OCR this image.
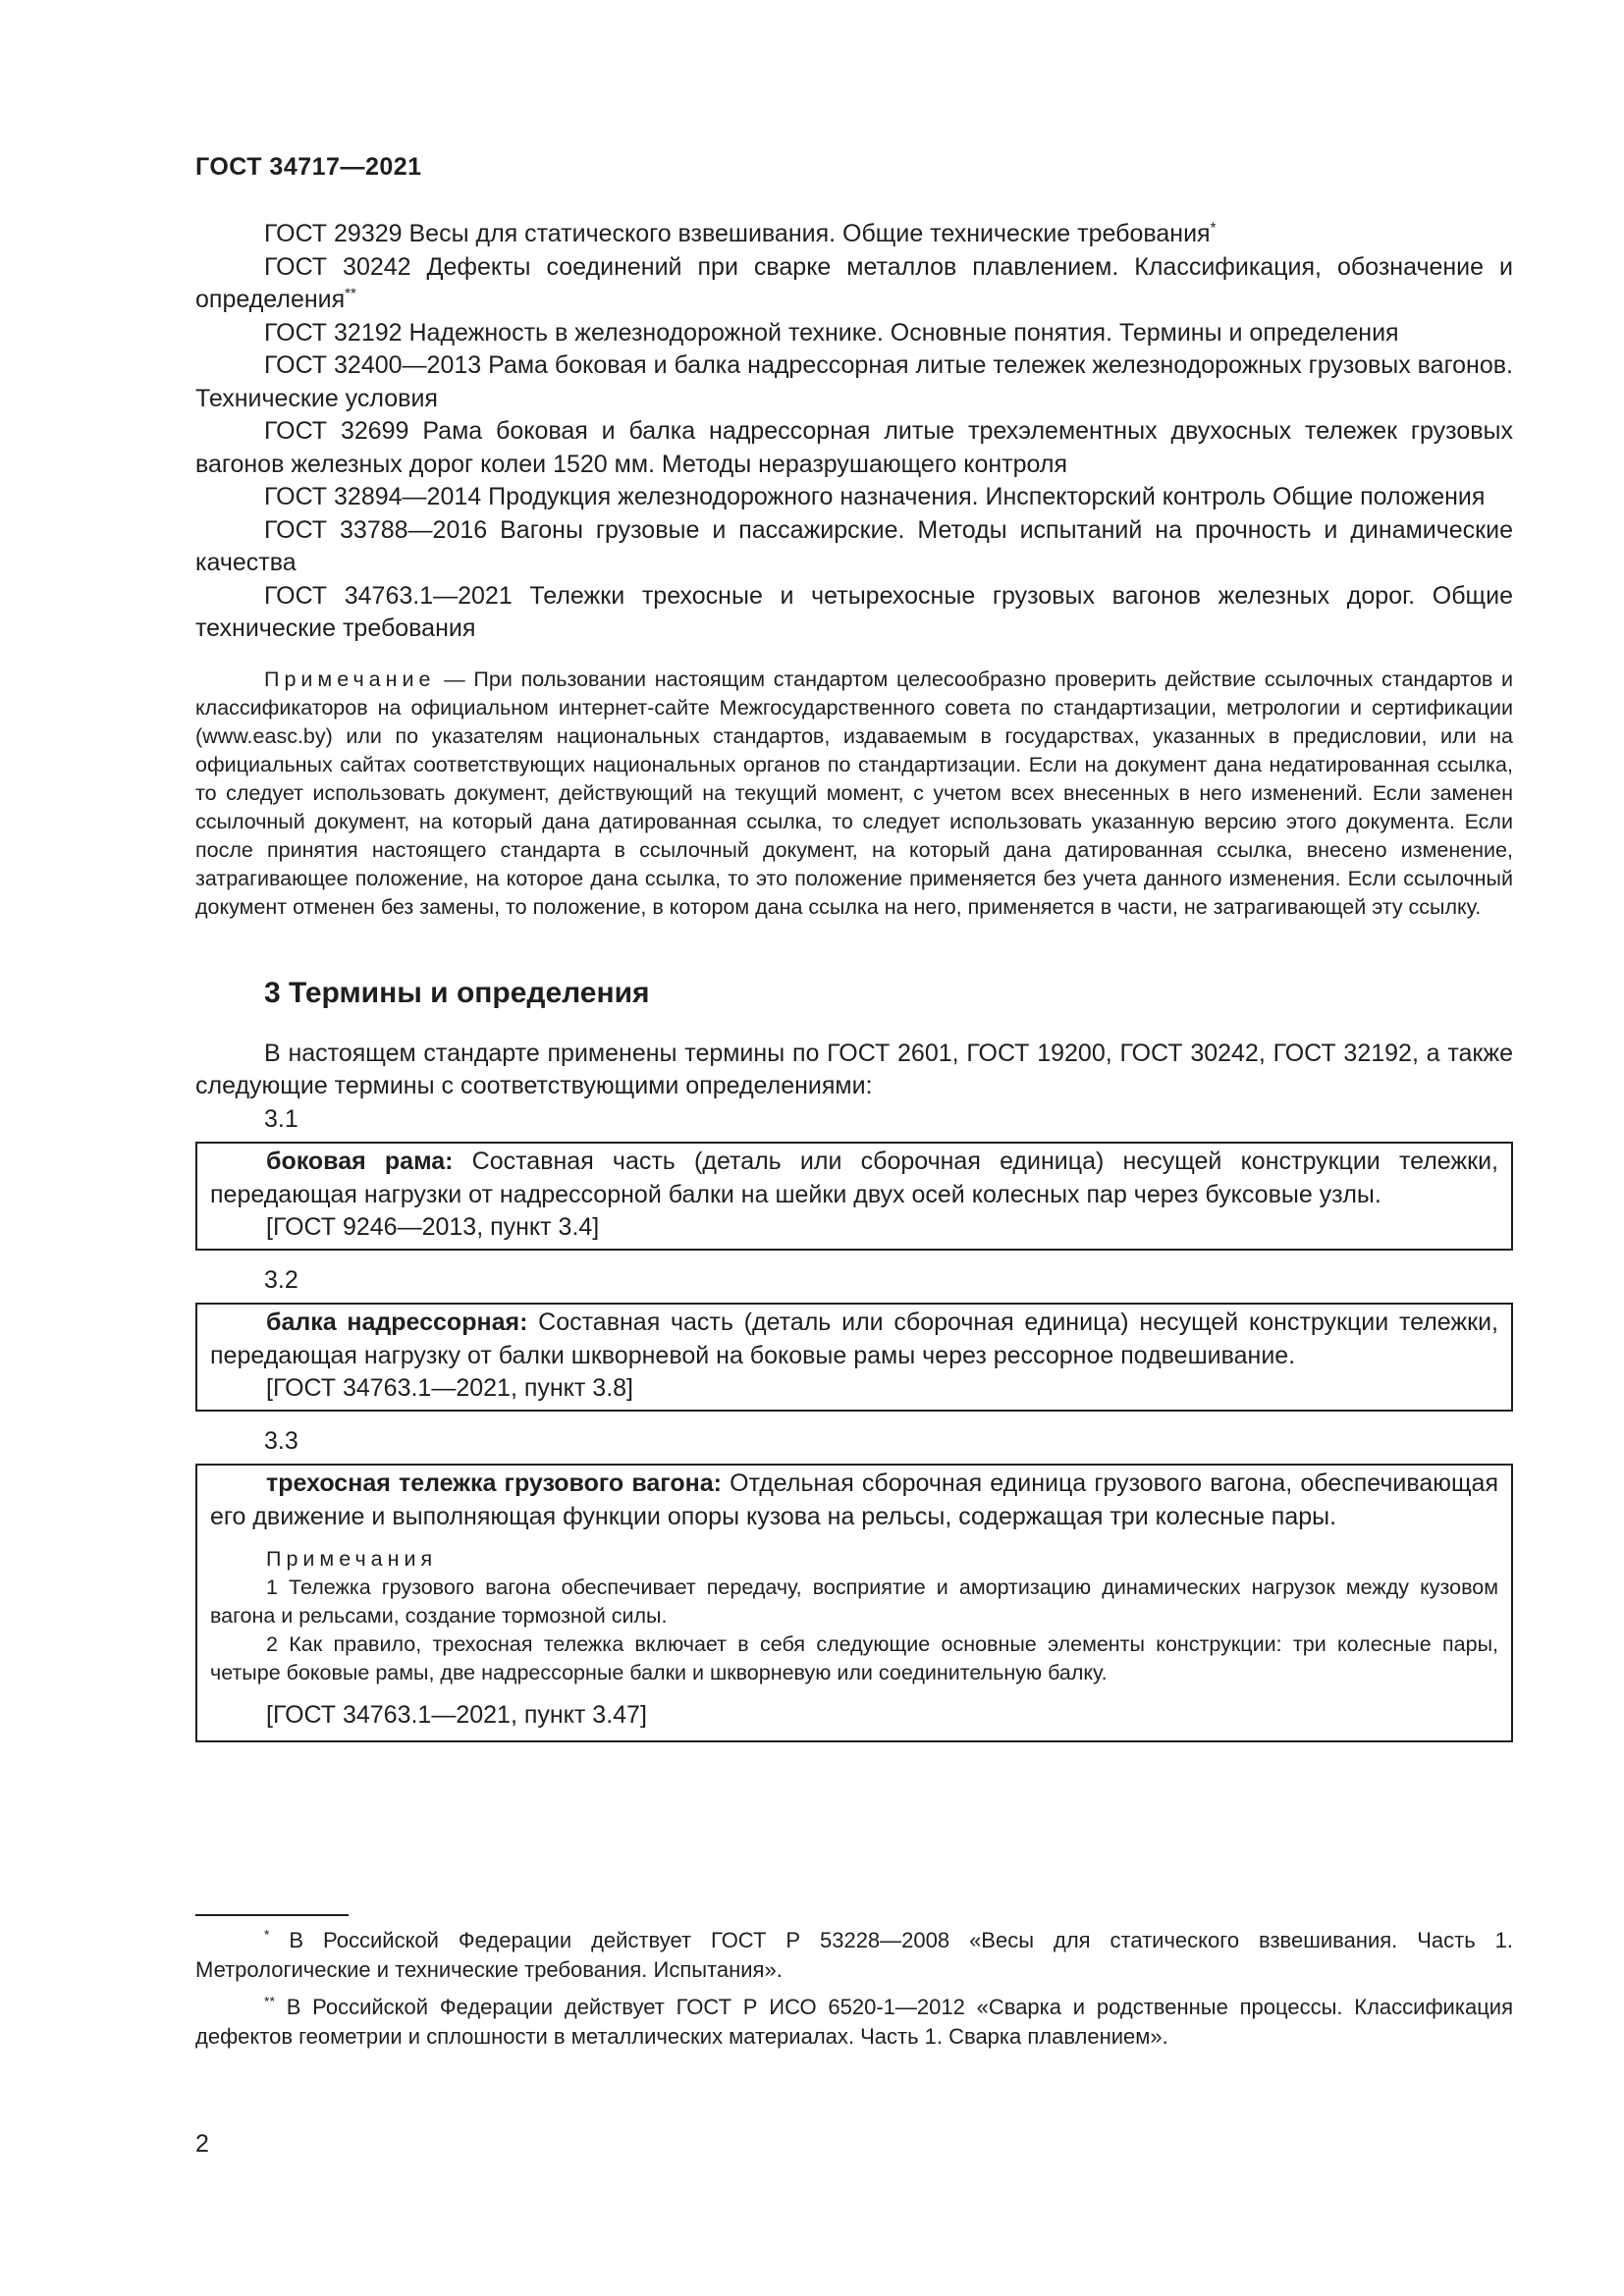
ГОСТ 34717—2021

ГОСТ 29329 Весы для статического взвешивания. Общие технические требования*

ГОСТ 30242 Дефекты соединений при сварке металлов плавлением. Классификация, обозначение и определения**

ГОСТ 32192 Надежность в железнодорожной технике. Основные понятия. Термины и определения

ГОСТ 32400—2013 Рама боковая и балка надрессорная литые тележек железнодорожных грузовых вагонов. Технические условия

ГОСТ 32699 Рама боковая и балка надрессорная литые трехэлементных двухосных тележек грузовых вагонов железных дорог колеи 1520 мм. Методы неразрушающего контроля

ГОСТ 32894—2014 Продукция железнодорожного назначения. Инспекторский контроль Общие положения

ГОСТ 33788—2016 Вагоны грузовые и пассажирские. Методы испытаний на прочность и динамические качества

ГОСТ 34763.1—2021 Тележки трехосные и четырехосные грузовых вагонов железных дорог. Общие технические требования

Примечание — При пользовании настоящим стандартом целесообразно проверить действие ссылочных стандартов и классификаторов на официальном интернет-сайте Межгосударственного совета по стандартизации, метрологии и сертификации (www.easc.by) или по указателям национальных стандартов, издаваемым в государствах, указанных в предисловии, или на официальных сайтах соответствующих национальных органов по стандартизации. Если на документ дана недатированная ссылка, то следует использовать документ, действующий на текущий момент, с учетом всех внесенных в него изменений. Если заменен ссылочный документ, на который дана датированная ссылка, то следует использовать указанную версию этого документа. Если после принятия настоящего стандарта в ссылочный документ, на который дана датированная ссылка, внесено изменение, затрагивающее положение, на которое дана ссылка, то это положение применяется без учета данного изменения. Если ссылочный документ отменен без замены, то положение, в котором дана ссылка на него, применяется в части, не затрагивающей эту ссылку.

3 Термины и определения

В настоящем стандарте применены термины по ГОСТ 2601, ГОСТ 19200, ГОСТ 30242, ГОСТ 32192, а также следующие термины с соответствующими определениями:

3.1

боковая рама: Составная часть (деталь или сборочная единица) несущей конструкции тележки, передающая нагрузки от надрессорной балки на шейки двух осей колесных пар через буксовые узлы.

[ГОСТ 9246—2013, пункт 3.4]

3.2

балка надрессорная: Составная часть (деталь или сборочная единица) несущей конструкции тележки, передающая нагрузку от балки шкворневой на боковые рамы через рессорное подвешивание.

[ГОСТ 34763.1—2021, пункт 3.8]

3.3

трехосная тележка грузового вагона: Отдельная сборочная единица грузового вагона, обеспечивающая его движение и выполняющая функции опоры кузова на рельсы, содержащая три колесные пары.

Примечания

1 Тележка грузового вагона обеспечивает передачу, восприятие и амортизацию динамических нагрузок между кузовом вагона и рельсами, создание тормозной силы.

2 Как правило, трехосная тележка включает в себя следующие основные элементы конструкции: три колесные пары, четыре боковые рамы, две надрессорные балки и шкворневую или соединительную балку.

[ГОСТ 34763.1—2021, пункт 3.47]

* В Российской Федерации действует ГОСТ Р 53228—2008 «Весы для статического взвешивания. Часть 1. Метрологические и технические требования. Испытания».

** В Российской Федерации действует ГОСТ Р ИСО 6520-1—2012 «Сварка и родственные процессы. Классификация дефектов геометрии и сплошности в металлических материалах. Часть 1. Сварка плавлением».

2
